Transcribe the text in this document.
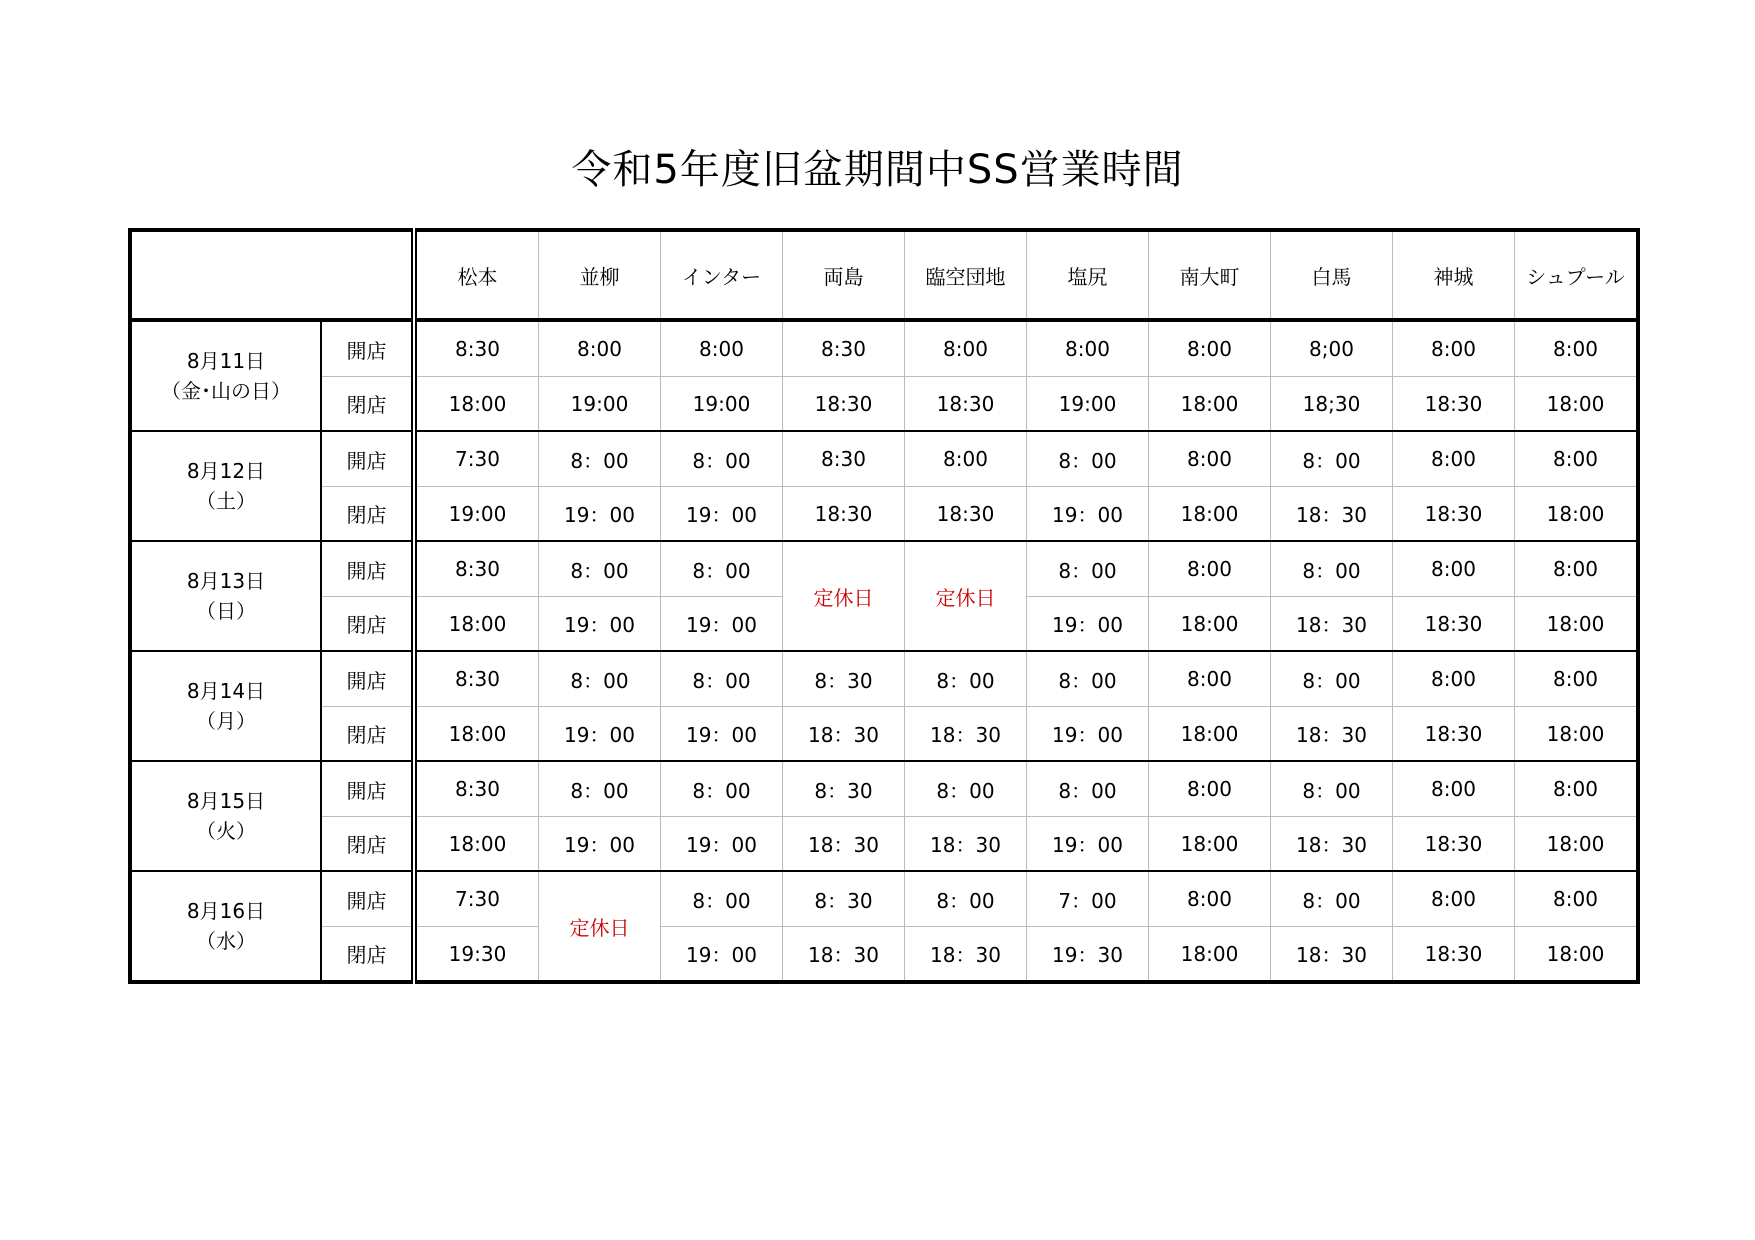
令和5年度旧盆期間中SS営業時間
		松本	並柳	インター	両島	臨空団地	塩尻	南大町	白馬	神城	シュプール

8月11日
（金･山の日）	開店	8:30	8:00	8:00	8:30	8:00	8:00	8:00	8;00	8:00	8:00
	閉店	18:00	19:00	19:00	18:30	18:30	19:00	18:00	18;30	18:30	18:00

8月12日
（土）	開店	7:30	8：00	8：00	8:30	8:00	8：00	8:00	8：00	8:00	8:00
	閉店	19:00	19：00	19：00	18:30	18:30	19：00	18:00	18：30	18:30	18:00

8月13日
（日）	開店	8:30	8：00	8：00	定休日	定休日	8：00	8:00	8：00	8:00	8:00
	閉店	18:00	19：00	19：00			19：00	18:00	18：30	18:30	18:00

8月14日
（月）	開店	8:30	8：00	8：00	8：30	8：00	8：00	8:00	8：00	8:00	8:00
	閉店	18:00	19：00	19：00	18：30	18：30	19：00	18:00	18：30	18:30	18:00

8月15日
（火）	開店	8:30	8：00	8：00	8：30	8：00	8：00	8:00	8：00	8:00	8:00
	閉店	18:00	19：00	19：00	18：30	18：30	19：00	18:00	18：30	18:30	18:00

8月16日
（水）	開店	7:30	定休日	8：00	8：30	8：00	7：00	8:00	8：00	8:00	8:00
	閉店	19:30		19：00	18：30	18：30	19：30	18:00	18：30	18:30	18:00
